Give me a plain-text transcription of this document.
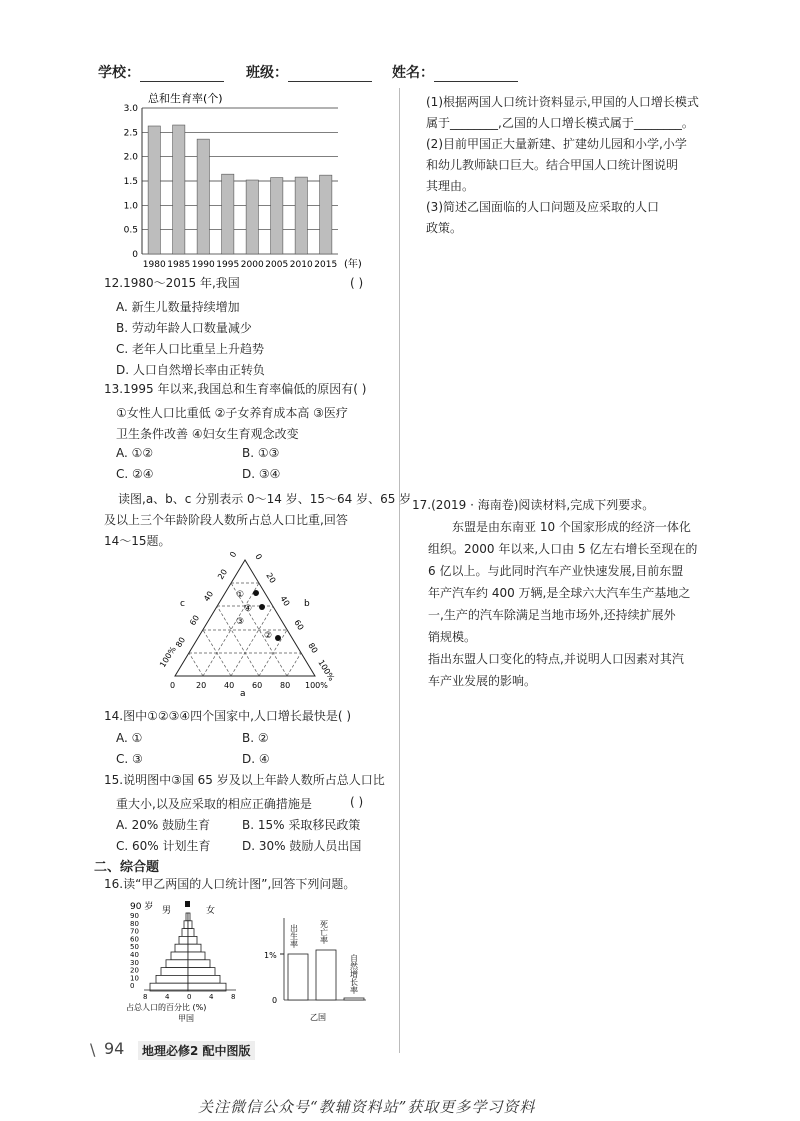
学校：	班级：	姓名：
总和生育率(个)
0
0.5
1.0
1.5
2.0
2.5
3.0
1980 1985 1990 1995 2000 2005 2010 2015 (年)
12.1980～2015 年,我国	( )
A. 新生儿数量持续增加
B. 劳动年龄人口数量减少
C. 老年人口比重呈上升趋势
D. 人口自然增长率由正转负
13.1995 年以来,我国总和生育率偏低的原因有( )
①女性人口比重低 ②子女养育成本高 ③医疗
卫生条件改善 ④妇女生育观念改变
A. ①②	B. ①③
C. ②④	D. ③④
读图,a、b、c 分别表示 0～14 岁、15～64 岁、65 岁
及以上三个年龄阶段人数所占总人口比重,回答
14～15题。
0	20 40 60 80 100%
100%
80
60
40
20
0 0
20
40
60
80
100%
a
b
c
①
④
③
②
14.图中①②③④四个国家中,人口增长最快是( )
A. ①	B. ②
C. ③	D. ④
15.说明图中③国 65 岁及以上年龄人数所占总人口比
重大小,以及应采取的相应正确措施是	( )
A. 20% 鼓励生育	B. 15% 采取移民政策
C. 60% 计划生育	D. 30% 鼓励人员出国
二、综合题
16.读“甲乙两国的人口统计图”,回答下列问题。
90 岁 男	女
90
80
70
60
50
40
30
20
10
0
8	4	0	4	8
占总人口的百分比 (%)
甲国
1%
0
出生率	死亡率
自然增长率
乙国
(1)根据两国人口统计资料显示,甲国的人口增长模式
属于________,乙国的人口增长模式属于________。
(2)目前甲国正大量新建、扩建幼儿园和小学,小学
和幼儿教师缺口巨大。结合甲国人口统计图说明
其理由。
(3)简述乙国面临的人口问题及应采取的人口
政策。
17.(2019 · 海南卷)阅读材料,完成下列要求。
东盟是由东南亚 10 个国家形成的经济一体化
组织。2000 年以来,人口由 5 亿左右增长至现在的
6 亿以上。与此同时汽车产业快速发展,目前东盟
年产汽车约 400 万辆,是全球六大汽车生产基地之
一,生产的汽车除满足当地市场外,还持续扩展外
销规模。
指出东盟人口变化的特点,并说明人口因素对其汽
车产业发展的影响。
\ 94	地理必修2 配中图版
关注微信公众号“教辅资料站”获取更多学习资料
